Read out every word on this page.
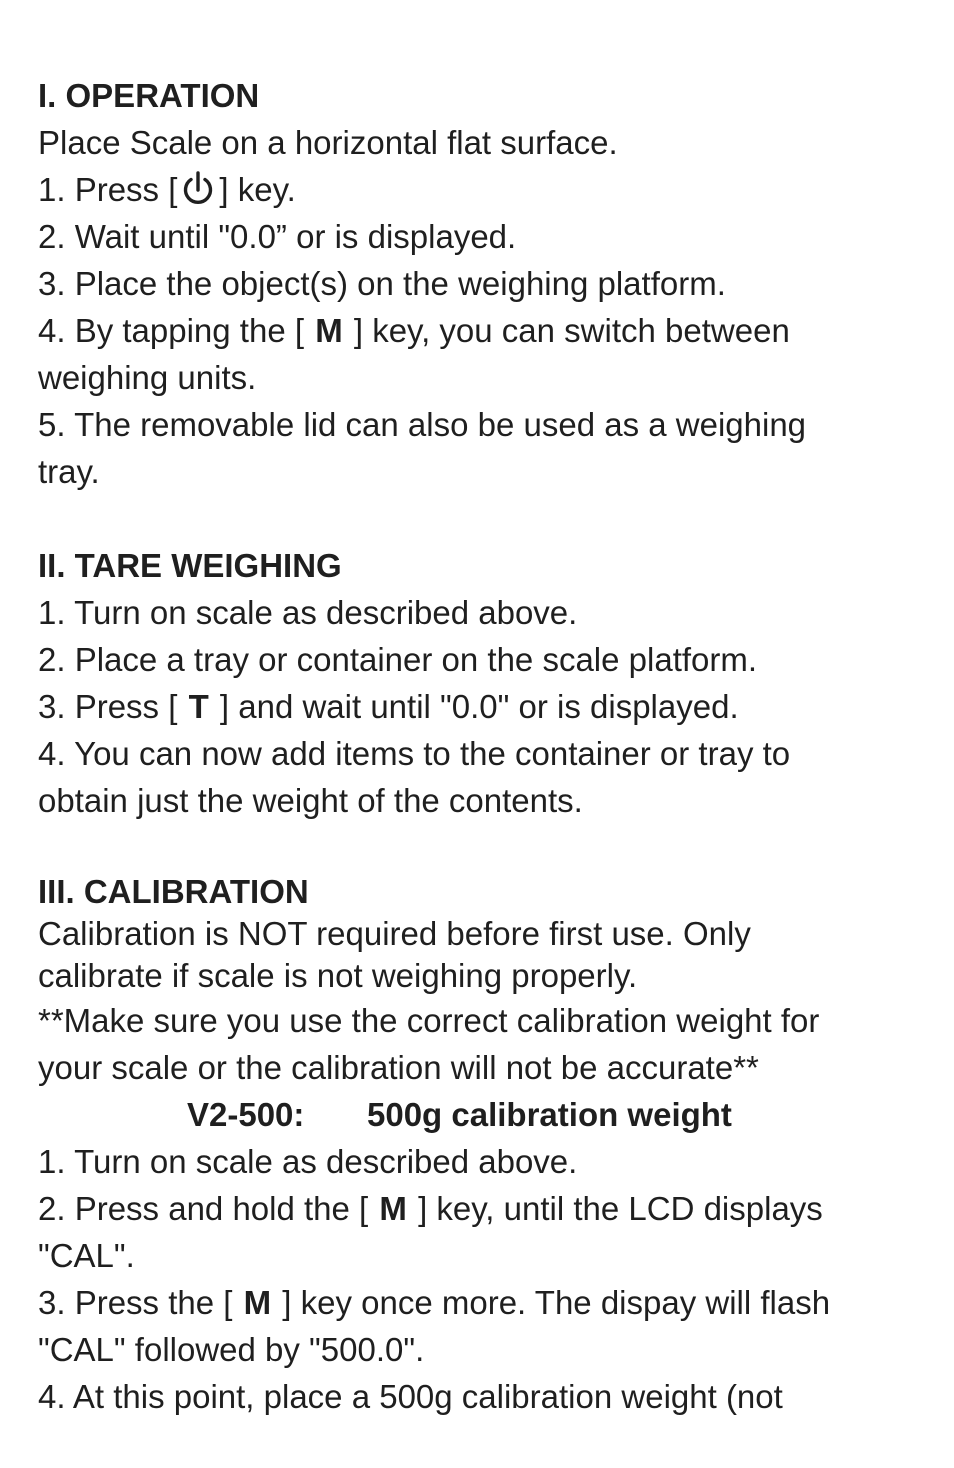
I. OPERATION
Place Scale on a horizontal flat surface.
1. Press [ ] key.
2. Wait until "0.0” or is displayed.
3. Place the object(s) on the weighing platform.
4. By tapping the [ M ] key, you can switch between
weighing units.
5. The removable lid can also be used as a weighing
tray.
II. TARE WEIGHING
1. Turn on scale as described above.
2. Place a tray or container on the scale platform.
3. Press [ T ] and wait until "0.0" or is displayed.
4. You can now add items to the container or tray to
obtain just the weight of the contents.
III. CALIBRATION
Calibration is NOT required before first use. Only
calibrate if scale is not weighing properly.
**Make sure you use the correct calibration weight for
your scale or the calibration will not be accurate**
V2-500: 500g calibration weight
1. Turn on scale as described above.
2. Press and hold the [ M ] key, until the LCD displays
"CAL".
3. Press the [ M ] key once more. The dispay will flash
"CAL" followed by "500.0".
4. At this point, place a 500g calibration weight (not
